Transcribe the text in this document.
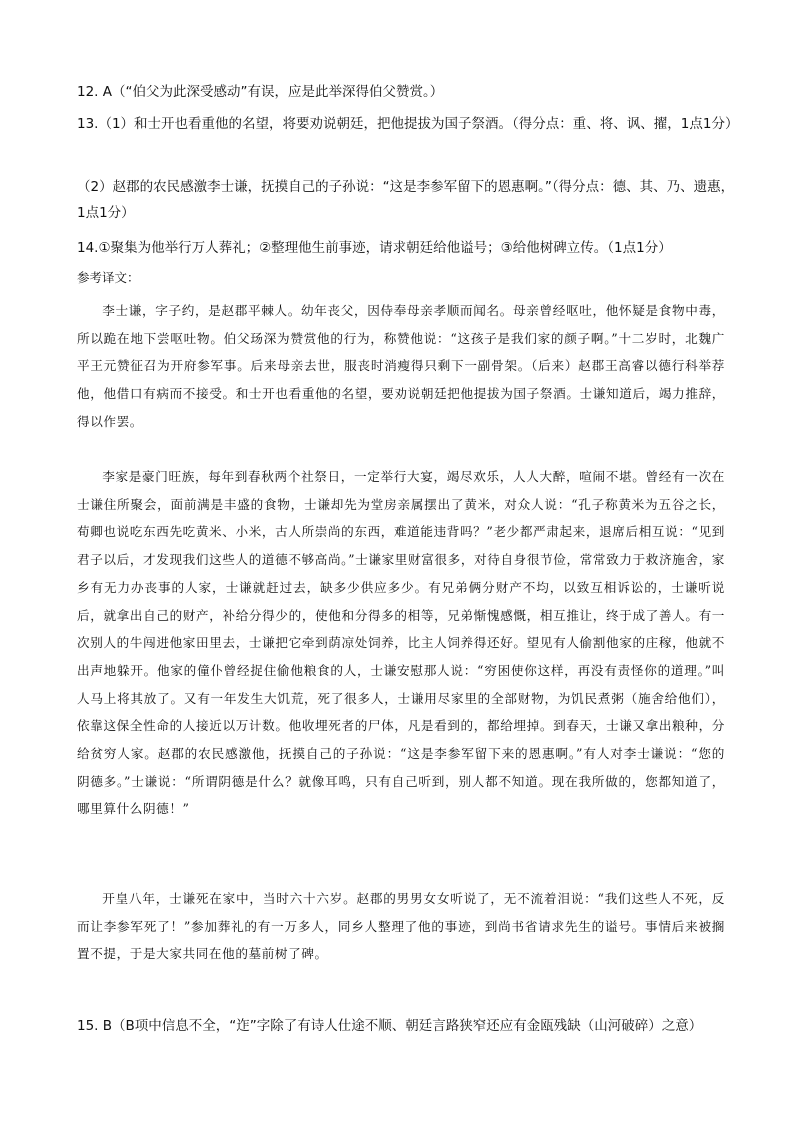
12. A（“伯父为此深受感动”有误，应是此举深得伯父赞赏。）

13.（1）和士开也看重他的名望，将要劝说朝廷，把他提拔为国子祭酒。（得分点：重、将、讽、擢，1点1分）

（2）赵郡的农民感激李士谦，抚摸自己的子孙说：“这是李参军留下的恩惠啊。”（得分点：德、其、乃、遗惠，1点1分）

14.①聚集为他举行万人葬礼；②整理他生前事迹，请求朝廷给他谥号；③给他树碑立传。（1点1分）

参考译文：

李士谦，字子约，是赵郡平棘人。幼年丧父，因侍奉母亲孝顺而闻名。母亲曾经呕吐，他怀疑是食物中毒，所以跪在地下尝呕吐物。伯父玚深为赞赏他的行为，称赞他说：“这孩子是我们家的颜子啊。”十二岁时，北魏广平王元赞征召为开府参军事。后来母亲去世，服丧时消瘦得只剩下一副骨架。（后来）赵郡王高睿以德行科举荐他，他借口有病而不接受。和士开也看重他的名望，要劝说朝廷把他提拔为国子祭酒。士谦知道后，竭力推辞，得以作罢。

李家是豪门旺族，每年到春秋两个社祭日，一定举行大宴，竭尽欢乐，人人大醉，喧闹不堪。曾经有一次在士谦住所聚会，面前满是丰盛的食物，士谦却先为堂房亲属摆出了黄米，对众人说：“孔子称黄米为五谷之长，荀卿也说吃东西先吃黄米、小米，古人所崇尚的东西，难道能违背吗？”老少都严肃起来，退席后相互说：“见到君子以后，才发现我们这些人的道德不够高尚。”士谦家里财富很多，对待自身很节俭，常常致力于救济施舍，家乡有无力办丧事的人家，士谦就赶过去，缺多少供应多少。有兄弟俩分财产不均，以致互相诉讼的，士谦听说后，就拿出自己的财产，补给分得少的，使他和分得多的相等，兄弟惭愧感慨，相互推让，终于成了善人。有一次别人的牛闯进他家田里去，士谦把它牵到荫凉处饲养，比主人饲养得还好。望见有人偷割他家的庄稼，他就不出声地躲开。他家的僮仆曾经捉住偷他粮食的人，士谦安慰那人说：“穷困使你这样，再没有责怪你的道理。”叫人马上将其放了。又有一年发生大饥荒，死了很多人，士谦用尽家里的全部财物，为饥民煮粥（施舍给他们），依靠这保全性命的人接近以万计数。他收埋死者的尸体，凡是看到的，都给埋掉。到春天，士谦又拿出粮种，分给贫穷人家。赵郡的农民感激他，抚摸自己的子孙说：“这是李参军留下来的恩惠啊。”有人对李士谦说：“您的阴德多。”士谦说：“所谓阴德是什么？就像耳鸣，只有自己听到，别人都不知道。现在我所做的，您都知道了，哪里算什么阴德！”

开皇八年，士谦死在家中，当时六十六岁。赵郡的男男女女听说了，无不流着泪说：“我们这些人不死，反而让李参军死了！”参加葬礼的有一万多人，同乡人整理了他的事迹，到尚书省请求先生的谥号。事情后来被搁置不提，于是大家共同在他的墓前树了碑。

15. B（B项中信息不全，“迮”字除了有诗人仕途不顺、朝廷言路狭窄还应有金瓯残缺（山河破碎）之意）
